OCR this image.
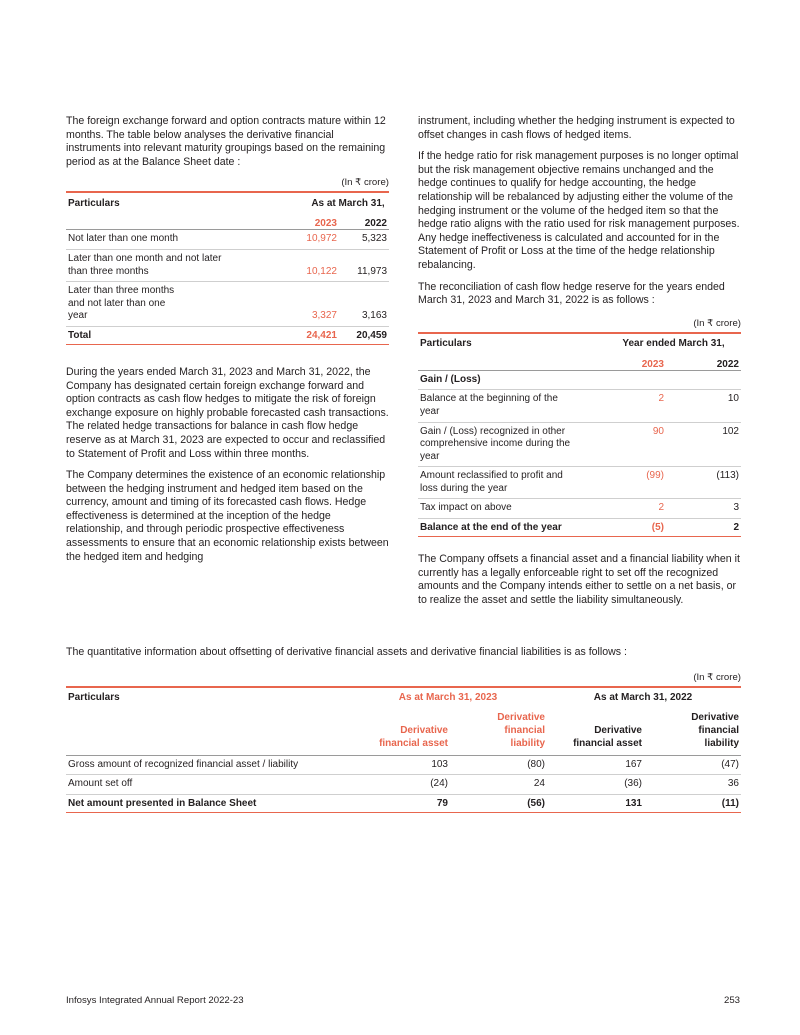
The foreign exchange forward and option contracts mature within 12 months. The table below analyses the derivative financial instruments into relevant maturity groupings based on the remaining period as at the Balance Sheet date :

(In ₹ crore)
Particulars	As at March 31,	
	2023	2022
Not later than one month	10,972	5,323
Later than one month and not later than three months	10,122	11,973
Later than three months and not later than one year	3,327	3,163
Total	24,421	20,459

During the years ended March 31, 2023 and March 31, 2022, the Company has designated certain foreign exchange forward and option contracts as cash flow hedges to mitigate the risk of foreign exchange exposure on highly probable forecasted cash transactions. The related hedge transactions for balance in cash flow hedge reserve as at March 31, 2023 are expected to occur and reclassified to Statement of Profit and Loss within three months.

The Company determines the existence of an economic relationship between the hedging instrument and hedged item based on the currency, amount and timing of its forecasted cash flows. Hedge effectiveness is determined at the inception of the hedge relationship, and through periodic prospective effectiveness assessments to ensure that an economic relationship exists between the hedged item and hedging

instrument, including whether the hedging instrument is expected to offset changes in cash flows of hedged items.

If the hedge ratio for risk management purposes is no longer optimal but the risk management objective remains unchanged and the hedge continues to qualify for hedge accounting, the hedge relationship will be rebalanced by adjusting either the volume of the hedging instrument or the volume of the hedged item so that the hedge ratio aligns with the ratio used for risk management purposes. Any hedge ineffectiveness is calculated and accounted for in the Statement of Profit or Loss at the time of the hedge relationship rebalancing.

The reconciliation of cash flow hedge reserve for the years ended March 31, 2023 and March 31, 2022 is as follows :

(In ₹ crore)
Particulars	Year ended March 31,	
	2023	2022
Gain / (Loss)		
Balance at the beginning of the year	2	10
Gain / (Loss) recognized in other comprehensive income during the year	90	102
Amount reclassified to profit and loss during the year	(99)	(113)
Tax impact on above	2	3
Balance at the end of the year	(5)	2

The Company offsets a financial asset and a financial liability when it currently has a legally enforceable right to set off the recognized amounts and the Company intends either to settle on a net basis, or to realize the asset and settle the liability simultaneously.

The quantitative information about offsetting of derivative financial assets and derivative financial liabilities is as follows :

(In ₹ crore)
Particulars	As at March 31, 2023		As at March 31, 2022	
	Derivative financial asset	Derivative financial liability	Derivative financial asset	Derivative financial liability
Gross amount of recognized financial asset / liability	103	(80)	167	(47)
Amount set off	(24)	24	(36)	36
Net amount presented in Balance Sheet	79	(56)	131	(11)
Infosys Integrated Annual Report 2022-23	253
